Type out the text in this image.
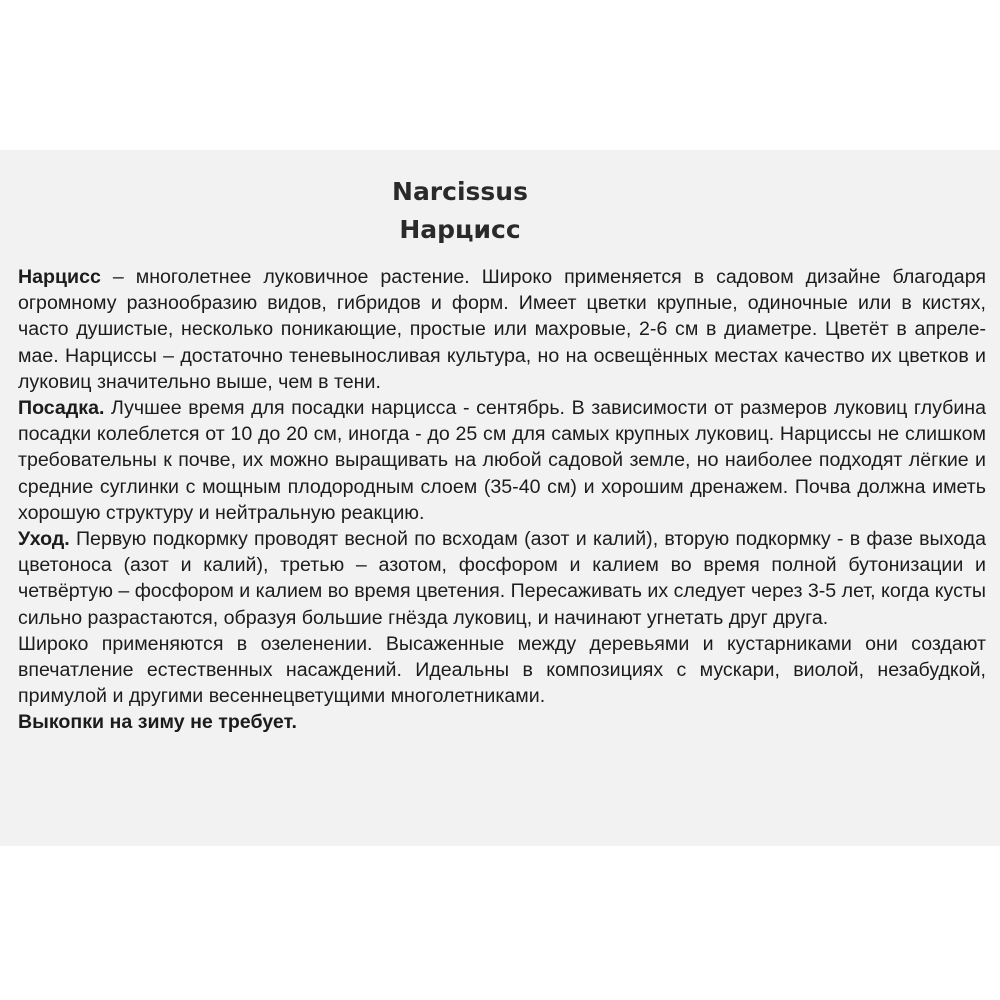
Narcissus
Нарцисс

Нарцисс – многолетнее луковичное растение. Широко применяется в садовом дизайне благодаря огромному разнообразию видов, гибридов и форм. Имеет цветки крупные, одиночные или в кистях, часто душистые, несколько поникающие, простые или махровые, 2-6 см в диаметре. Цветёт в апреле-мае. Нарциссы – достаточно теневыносливая культура, но на освещённых местах качество их цветков и луковиц значительно выше, чем в тени.

Посадка. Лучшее время для посадки нарцисса - сентябрь. В зависимости от размеров луковиц глубина посадки колеблется от 10 до 20 см, иногда - до 25 см для самых крупных луковиц. Нарциссы не слишком требовательны к почве, их можно выращивать на любой садовой земле, но наиболее подходят лёгкие и средние суглинки с мощным плодородным слоем (35-40 см) и хорошим дренажем. Почва должна иметь хорошую структуру и нейтральную реакцию.

Уход. Первую подкормку проводят весной по всходам (азот и калий), вторую подкормку - в фазе выхода цветоноса (азот и калий), третью – азотом, фосфором и калием во время полной бутонизации и четвёртую – фосфором и калием во время цветения. Пересаживать их следует через 3-5 лет, когда кусты сильно разрастаются, образуя большие гнёзда луковиц, и начинают угнетать друг друга.

Широко применяются в озеленении. Высаженные между деревьями и кустарниками они создают впечатление естественных насаждений. Идеальны в композициях с мускари, виолой, незабудкой, примулой и другими весеннецветущими многолетниками.

Выкопки на зиму не требует.
